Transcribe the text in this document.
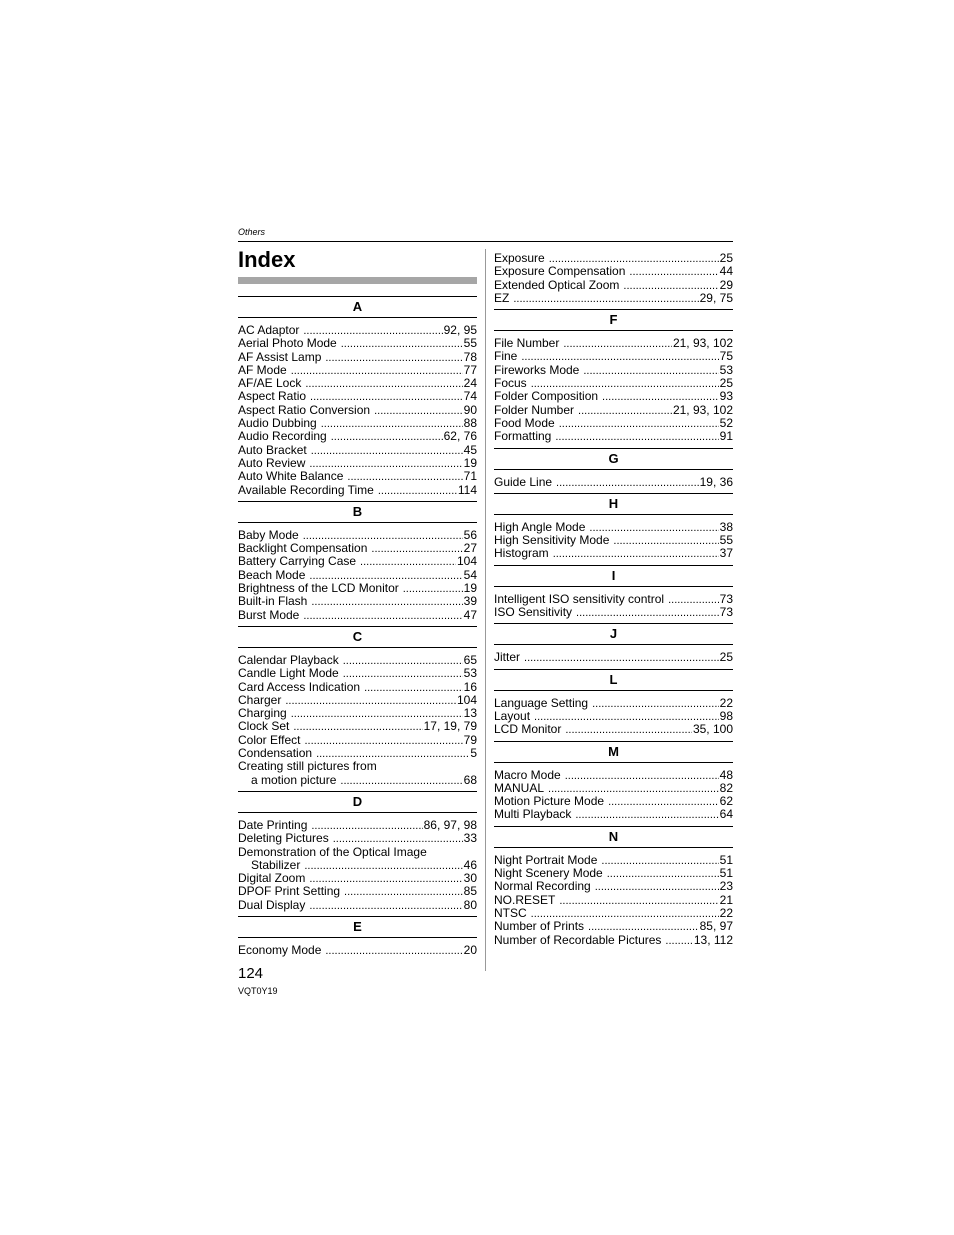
Others
Index
A
AC Adaptor .....	92, 95
Aerial Photo Mode .....	55
AF Assist Lamp .....	78
AF Mode .....	77
AF/AE Lock .....	24
Aspect Ratio .....	74
Aspect Ratio Conversion .....	90
Audio Dubbing .....	88
Audio Recording .....	62, 76
Auto Bracket .....	45
Auto Review .....	19
Auto White Balance .....	71
Available Recording Time .....	114
B
Baby Mode .....	56
Backlight Compensation .....	27
Battery Carrying Case .....	104
Beach Mode .....	54
Brightness of the LCD Monitor .....	19
Built-in Flash .....	39
Burst Mode .....	47
C
Calendar Playback .....	65
Candle Light Mode .....	53
Card Access Indication .....	16
Charger .....	104
Charging .....	13
Clock Set .....	17, 19, 79
Color Effect .....	79
Condensation .....	5
Creating still pictures from
a motion picture .....	68
D
Date Printing .....	86, 97, 98
Deleting Pictures .....	33
Demonstration of the Optical Image
Stabilizer .....	46
Digital Zoom .....	30
DPOF Print Setting .....	85
Dual Display .....	80
E
Economy Mode .....	20
Exposure .....	25
Exposure Compensation .....	44
Extended Optical Zoom .....	29
EZ .....	29, 75
F
File Number .....	21, 93, 102
Fine .....	75
Fireworks Mode .....	53
Focus .....	25
Folder Composition .....	93
Folder Number .....	21, 93, 102
Food Mode .....	52
Formatting .....	91
G
Guide Line .....	19, 36
H
High Angle Mode .....	38
High Sensitivity Mode .....	55
Histogram .....	37
I
Intelligent ISO sensitivity control .....	73
ISO Sensitivity .....	73
J
Jitter .....	25
L
Language Setting .....	22
Layout .....	98
LCD Monitor .....	35, 100
M
Macro Mode .....	48
MANUAL .....	82
Motion Picture Mode .....	62
Multi Playback .....	64
N
Night Portrait Mode .....	51
Night Scenery Mode .....	51
Normal Recording .....	23
NO.RESET .....	21
NTSC .....	22
Number of Prints .....	85, 97
Number of Recordable Pictures .....	13, 112
124
VQT0Y19
